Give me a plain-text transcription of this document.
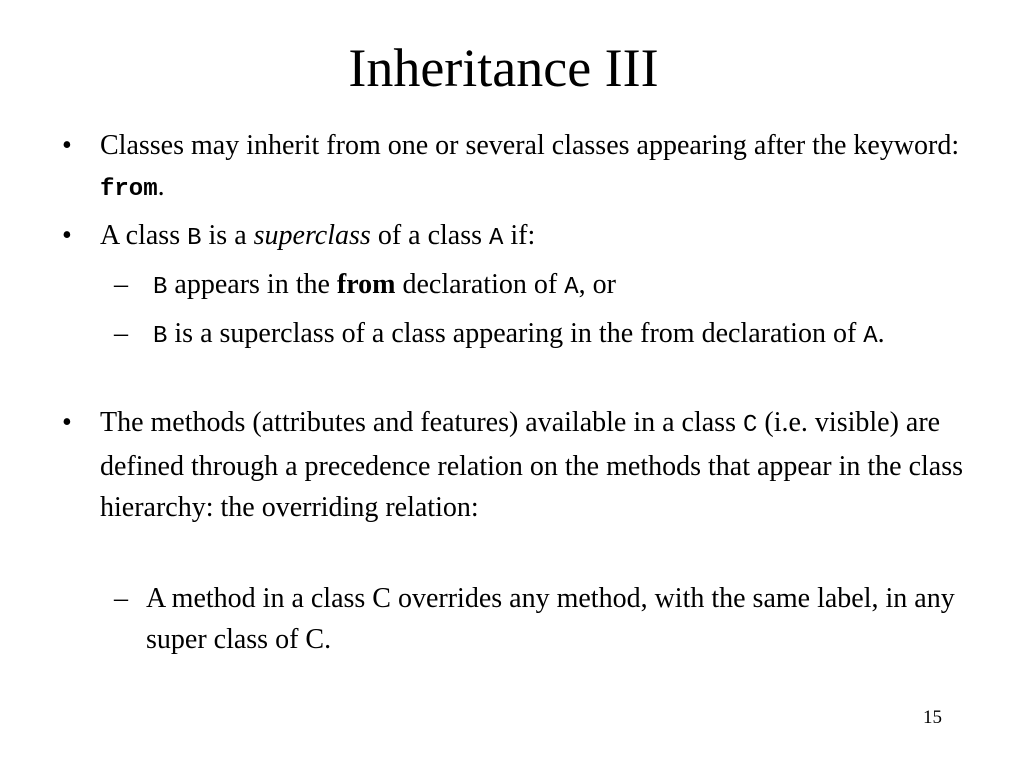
Inheritance III
• Classes may inherit from one or several classes appearing after the keyword: from.
• A class B is a superclass of a class A if:
– B appears in the from declaration of A, or
– B is a superclass of a class appearing in the from declaration of A.
• The methods (attributes and features) available in a class C (i.e. visible) are defined through a precedence relation on the methods that appear in the class hierarchy: the overriding relation:
– A method in a class C overrides any method, with the same label, in any super class of C.
15
